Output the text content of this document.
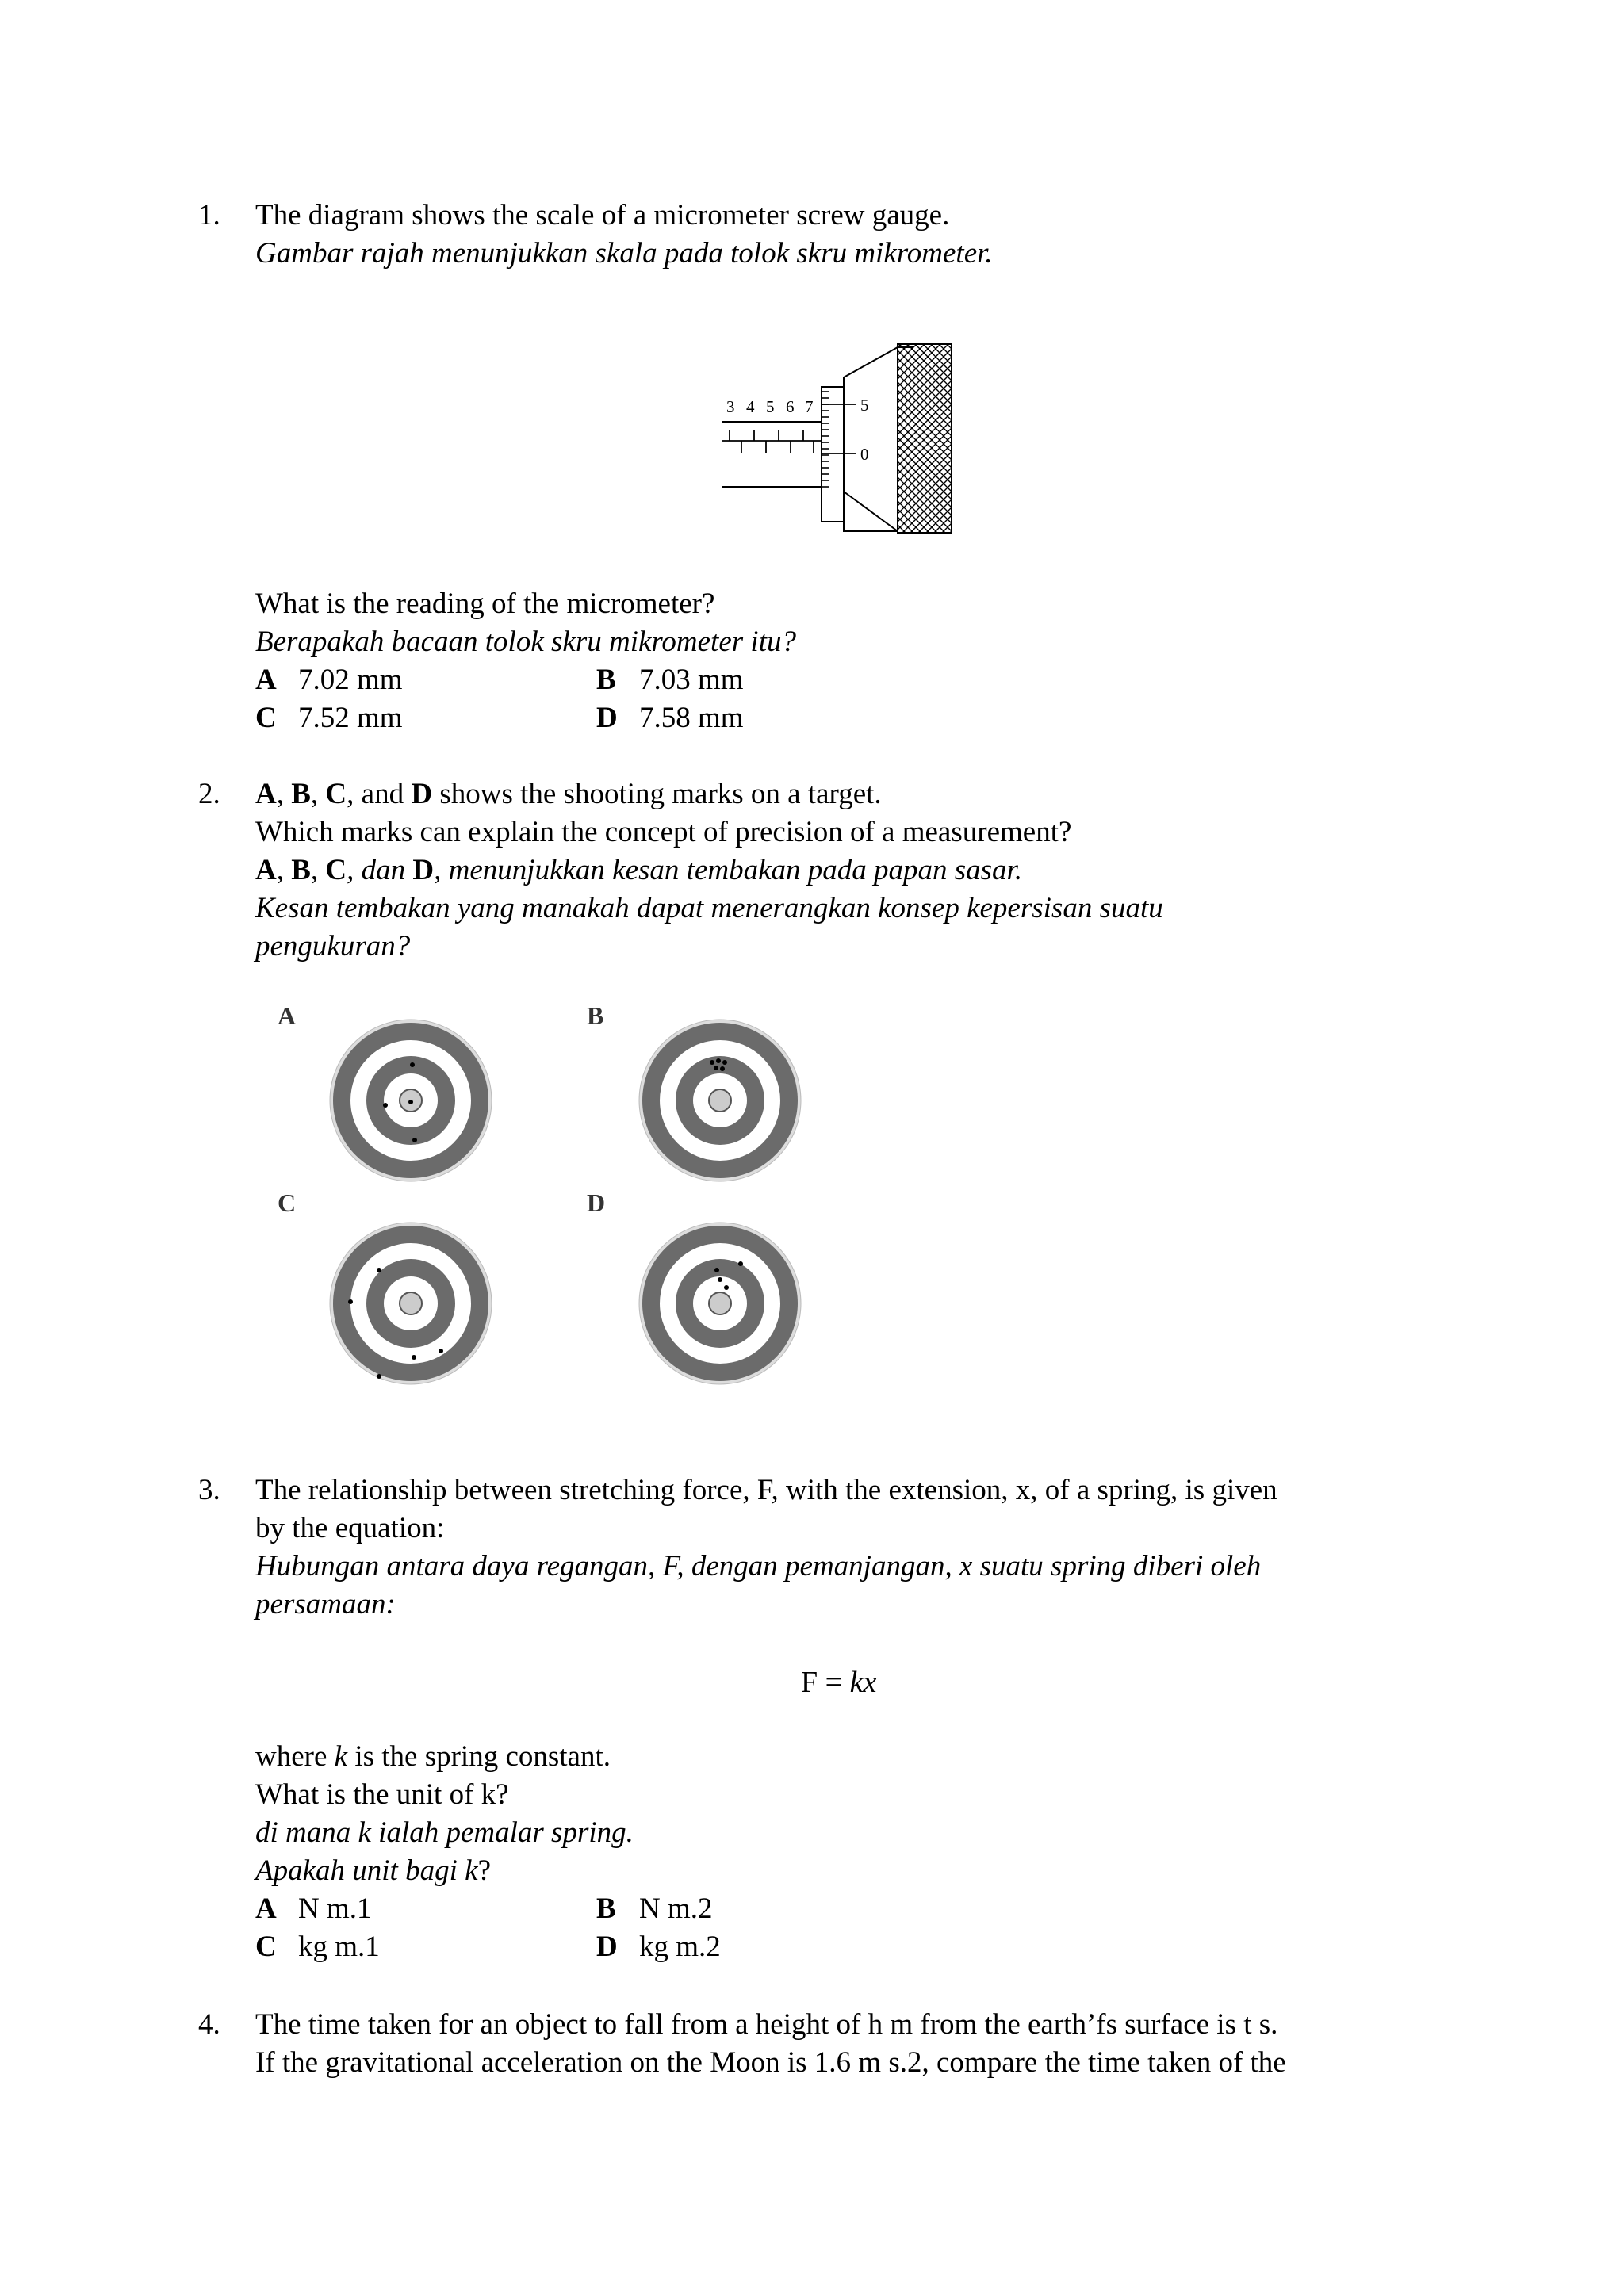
1. The diagram shows the scale of a micrometer screw gauge.
Gambar rajah menunjukkan skala pada tolok skru mikrometer.
3 4 5 6 7	5
0
What is the reading of the micrometer?
Berapakah bacaan tolok skru mikrometer itu?
A 7.02 mm	B 7.03 mm
C 7.52 mm	D 7.58 mm
2. A, B, C, and D shows the shooting marks on a target.
Which marks can explain the concept of precision of a measurement?
A, B, C, dan D, menunjukkan kesan tembakan pada papan sasar.
Kesan tembakan yang manakah dapat menerangkan konsep kepersisan suatu
pengukuran?
A	B
C	D
3. The relationship between stretching force, F, with the extension, x, of a spring, is given
by the equation:
Hubungan antara daya regangan, F, dengan pemanjangan, x suatu spring diberi oleh
persamaan:
F = kx
where k is the spring constant.
What is the unit of k?
di mana k ialah pemalar spring.
Apakah unit bagi k?
A N m.1	B N m.2
C kg m.1	D kg m.2
4. The time taken for an object to fall from a height of h m from the earth’fs surface is t s.
If the gravitational acceleration on the Moon is 1.6 m s.2, compare the time taken of the
